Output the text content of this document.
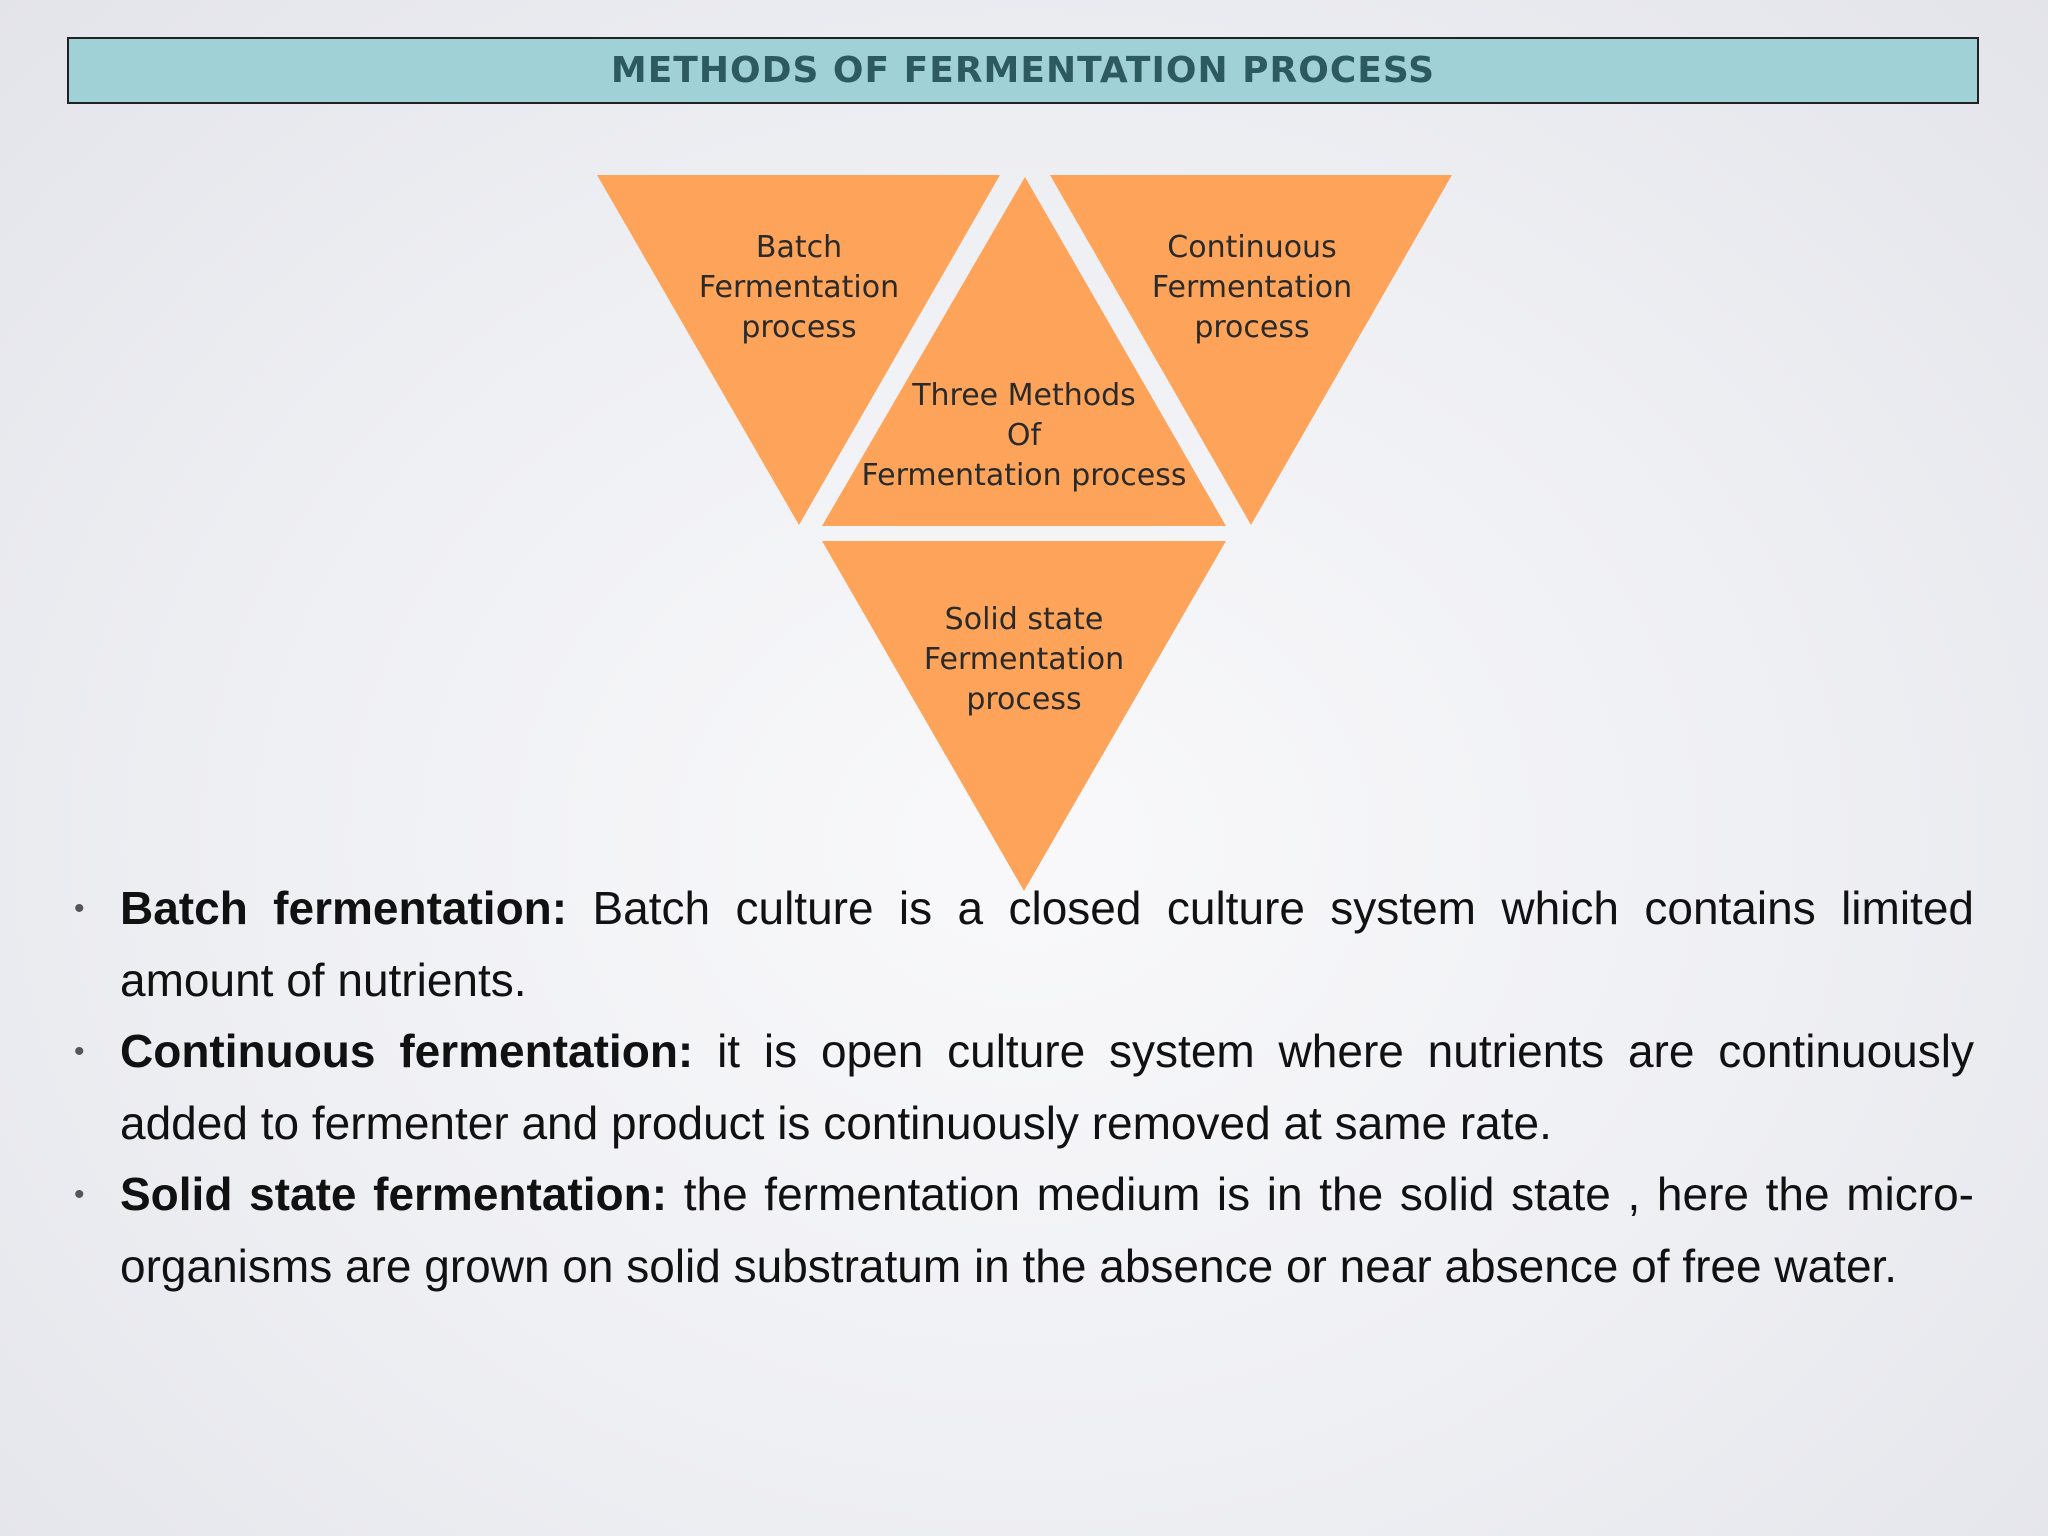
METHODS OF FERMENTATION PROCESS
Batch
Fermentation
process
Three Methods
Of
Fermentation process
Continuous
Fermentation
process
Solid state
Fermentation
process
• Batch fermentation: Batch culture is a closed culture system which contains limited amount of nutrients.
• Continuous fermentation: it is open culture system where nutrients are continuously added to fermenter and product is continuously removed at same rate.
• Solid state fermentation: the fermentation medium is in the solid state , here the micro-organisms are grown on solid substratum in the absence or near absence of free water.
